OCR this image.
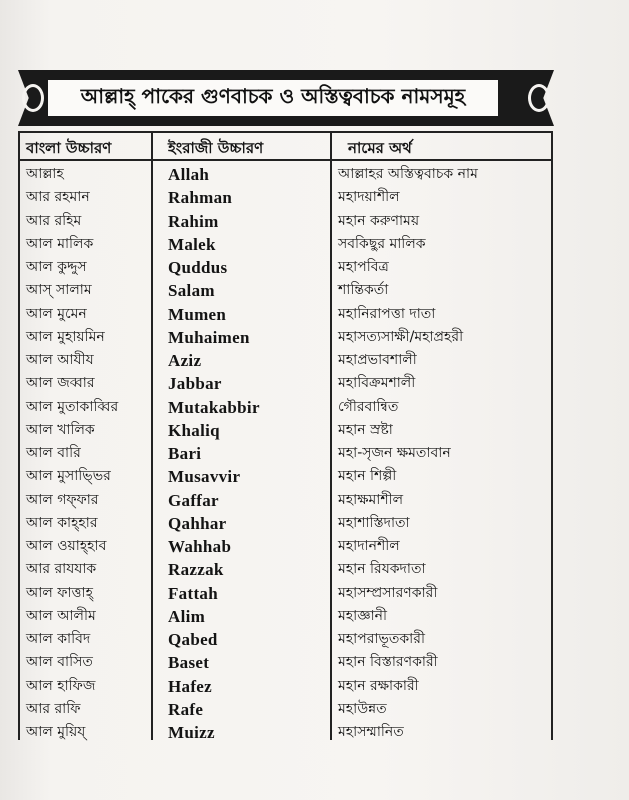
আল্লাহ্ পাকের গুণবাচক ও অস্তিত্ববাচক নামসমূহ
বাংলা উচ্চারণ	ইংরাজী উচ্চারণ	নামের অর্থ
আল্লাহ	Allah	আল্লাহর অস্তিত্ববাচক নাম
আর রহমান	Rahman	মহাদয়াশীল
আর রহিম	Rahim	মহান করুণাময়
আল মালিক	Malek	সবকিছুর মালিক
আল কুদ্দুস	Quddus	মহাপবিত্র
আস্ সালাম	Salam	শান্তিকর্তা
আল মুমেন	Mumen	মহানিরাপত্তা দাতা
আল মুহায়মিন	Muhaimen	মহাসত্যসাক্ষী/মহাপ্রহরী
আল আযীয	Aziz	মহাপ্রভাবশালী
আল জব্বার	Jabbar	মহাবিক্রমশালী
আল মুতাকাব্বির	Mutakabbir	গৌরবান্বিত
আল খালিক	Khaliq	মহান স্রষ্টা
আল বারি	Bari	মহা-সৃজন ক্ষমতাবান
আল মুসাভ্ভির	Musavvir	মহান শিল্পী
আল গফ্ফার	Gaffar	মহাক্ষমাশীল
আল কাহ্হার	Qahhar	মহাশাস্তিদাতা
আল ওয়াহ্হাব	Wahhab	মহাদানশীল
আর রাযযাক	Razzak	মহান রিযকদাতা
আল ফাত্তাহ্	Fattah	মহাসম্প্রসারণকারী
আল আলীম	Alim	মহাজ্ঞানী
আল কাবিদ	Qabed	মহাপরাভূতকারী
আল বাসিত	Baset	মহান বিস্তারণকারী
আল হাফিজ	Hafez	মহান রক্ষাকারী
আর রাফি	Rafe	মহাউন্নত
আল মুয়িয্	Muizz	মহাসম্মানিত
